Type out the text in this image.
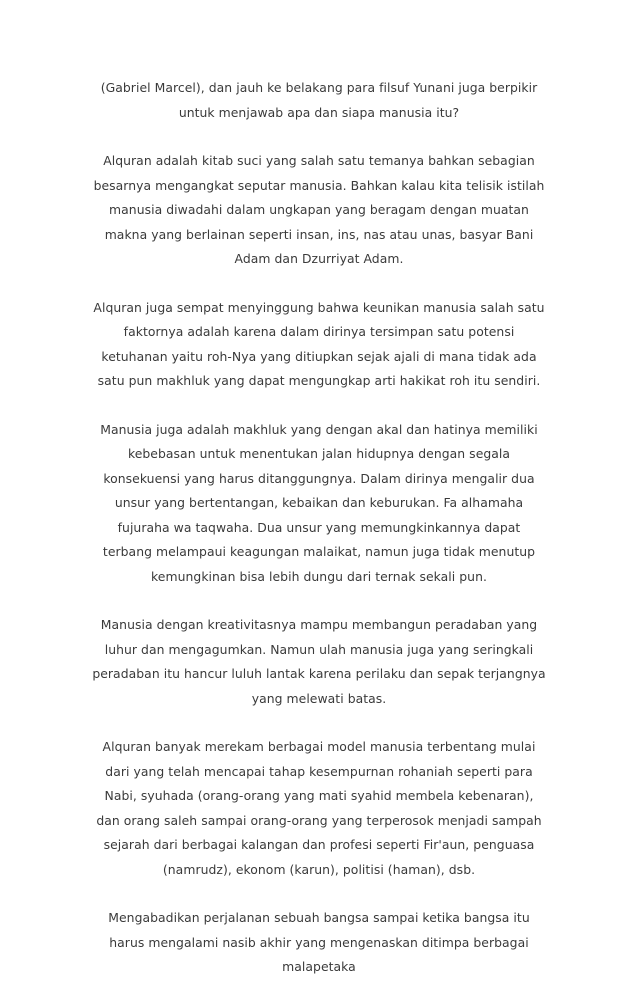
(Gabriel Marcel), dan jauh ke belakang para filsuf Yunani juga berpikir untuk menjawab apa dan siapa manusia itu?

Alquran adalah kitab suci yang salah satu temanya bahkan sebagian besarnya mengangkat seputar manusia. Bahkan kalau kita telisik istilah manusia diwadahi dalam ungkapan yang beragam dengan muatan makna yang berlainan seperti insan, ins, nas atau unas, basyar Bani Adam dan Dzurriyat Adam.

Alquran juga sempat menyinggung bahwa keunikan manusia salah satu faktornya adalah karena dalam dirinya tersimpan satu potensi ketuhanan yaitu roh-Nya yang ditiupkan sejak ajali di mana tidak ada satu pun makhluk yang dapat mengungkap arti hakikat roh itu sendiri.

Manusia juga adalah makhluk yang dengan akal dan hatinya memiliki kebebasan untuk menentukan jalan hidupnya dengan segala konsekuensi yang harus ditanggungnya. Dalam dirinya mengalir dua unsur yang bertentangan, kebaikan dan keburukan. Fa alhamaha fujuraha wa taqwaha. Dua unsur yang memungkinkannya dapat terbang melampaui keagungan malaikat, namun juga tidak menutup kemungkinan bisa lebih dungu dari ternak sekali pun.

Manusia dengan kreativitasnya mampu membangun peradaban yang luhur dan mengagumkan. Namun ulah manusia juga yang seringkali peradaban itu hancur luluh lantak karena perilaku dan sepak terjangnya yang melewati batas.

Alquran banyak merekam berbagai model manusia terbentang mulai dari yang telah mencapai tahap kesempurnan rohaniah seperti para Nabi, syuhada (orang-orang yang mati syahid membela kebenaran), dan orang saleh sampai orang-orang yang terperosok menjadi sampah sejarah dari berbagai kalangan dan profesi seperti Fir'aun, penguasa (namrudz), ekonom (karun), politisi (haman), dsb.

Mengabadikan perjalanan sebuah bangsa sampai ketika bangsa itu harus mengalami nasib akhir yang mengenaskan ditimpa berbagai malapetaka
